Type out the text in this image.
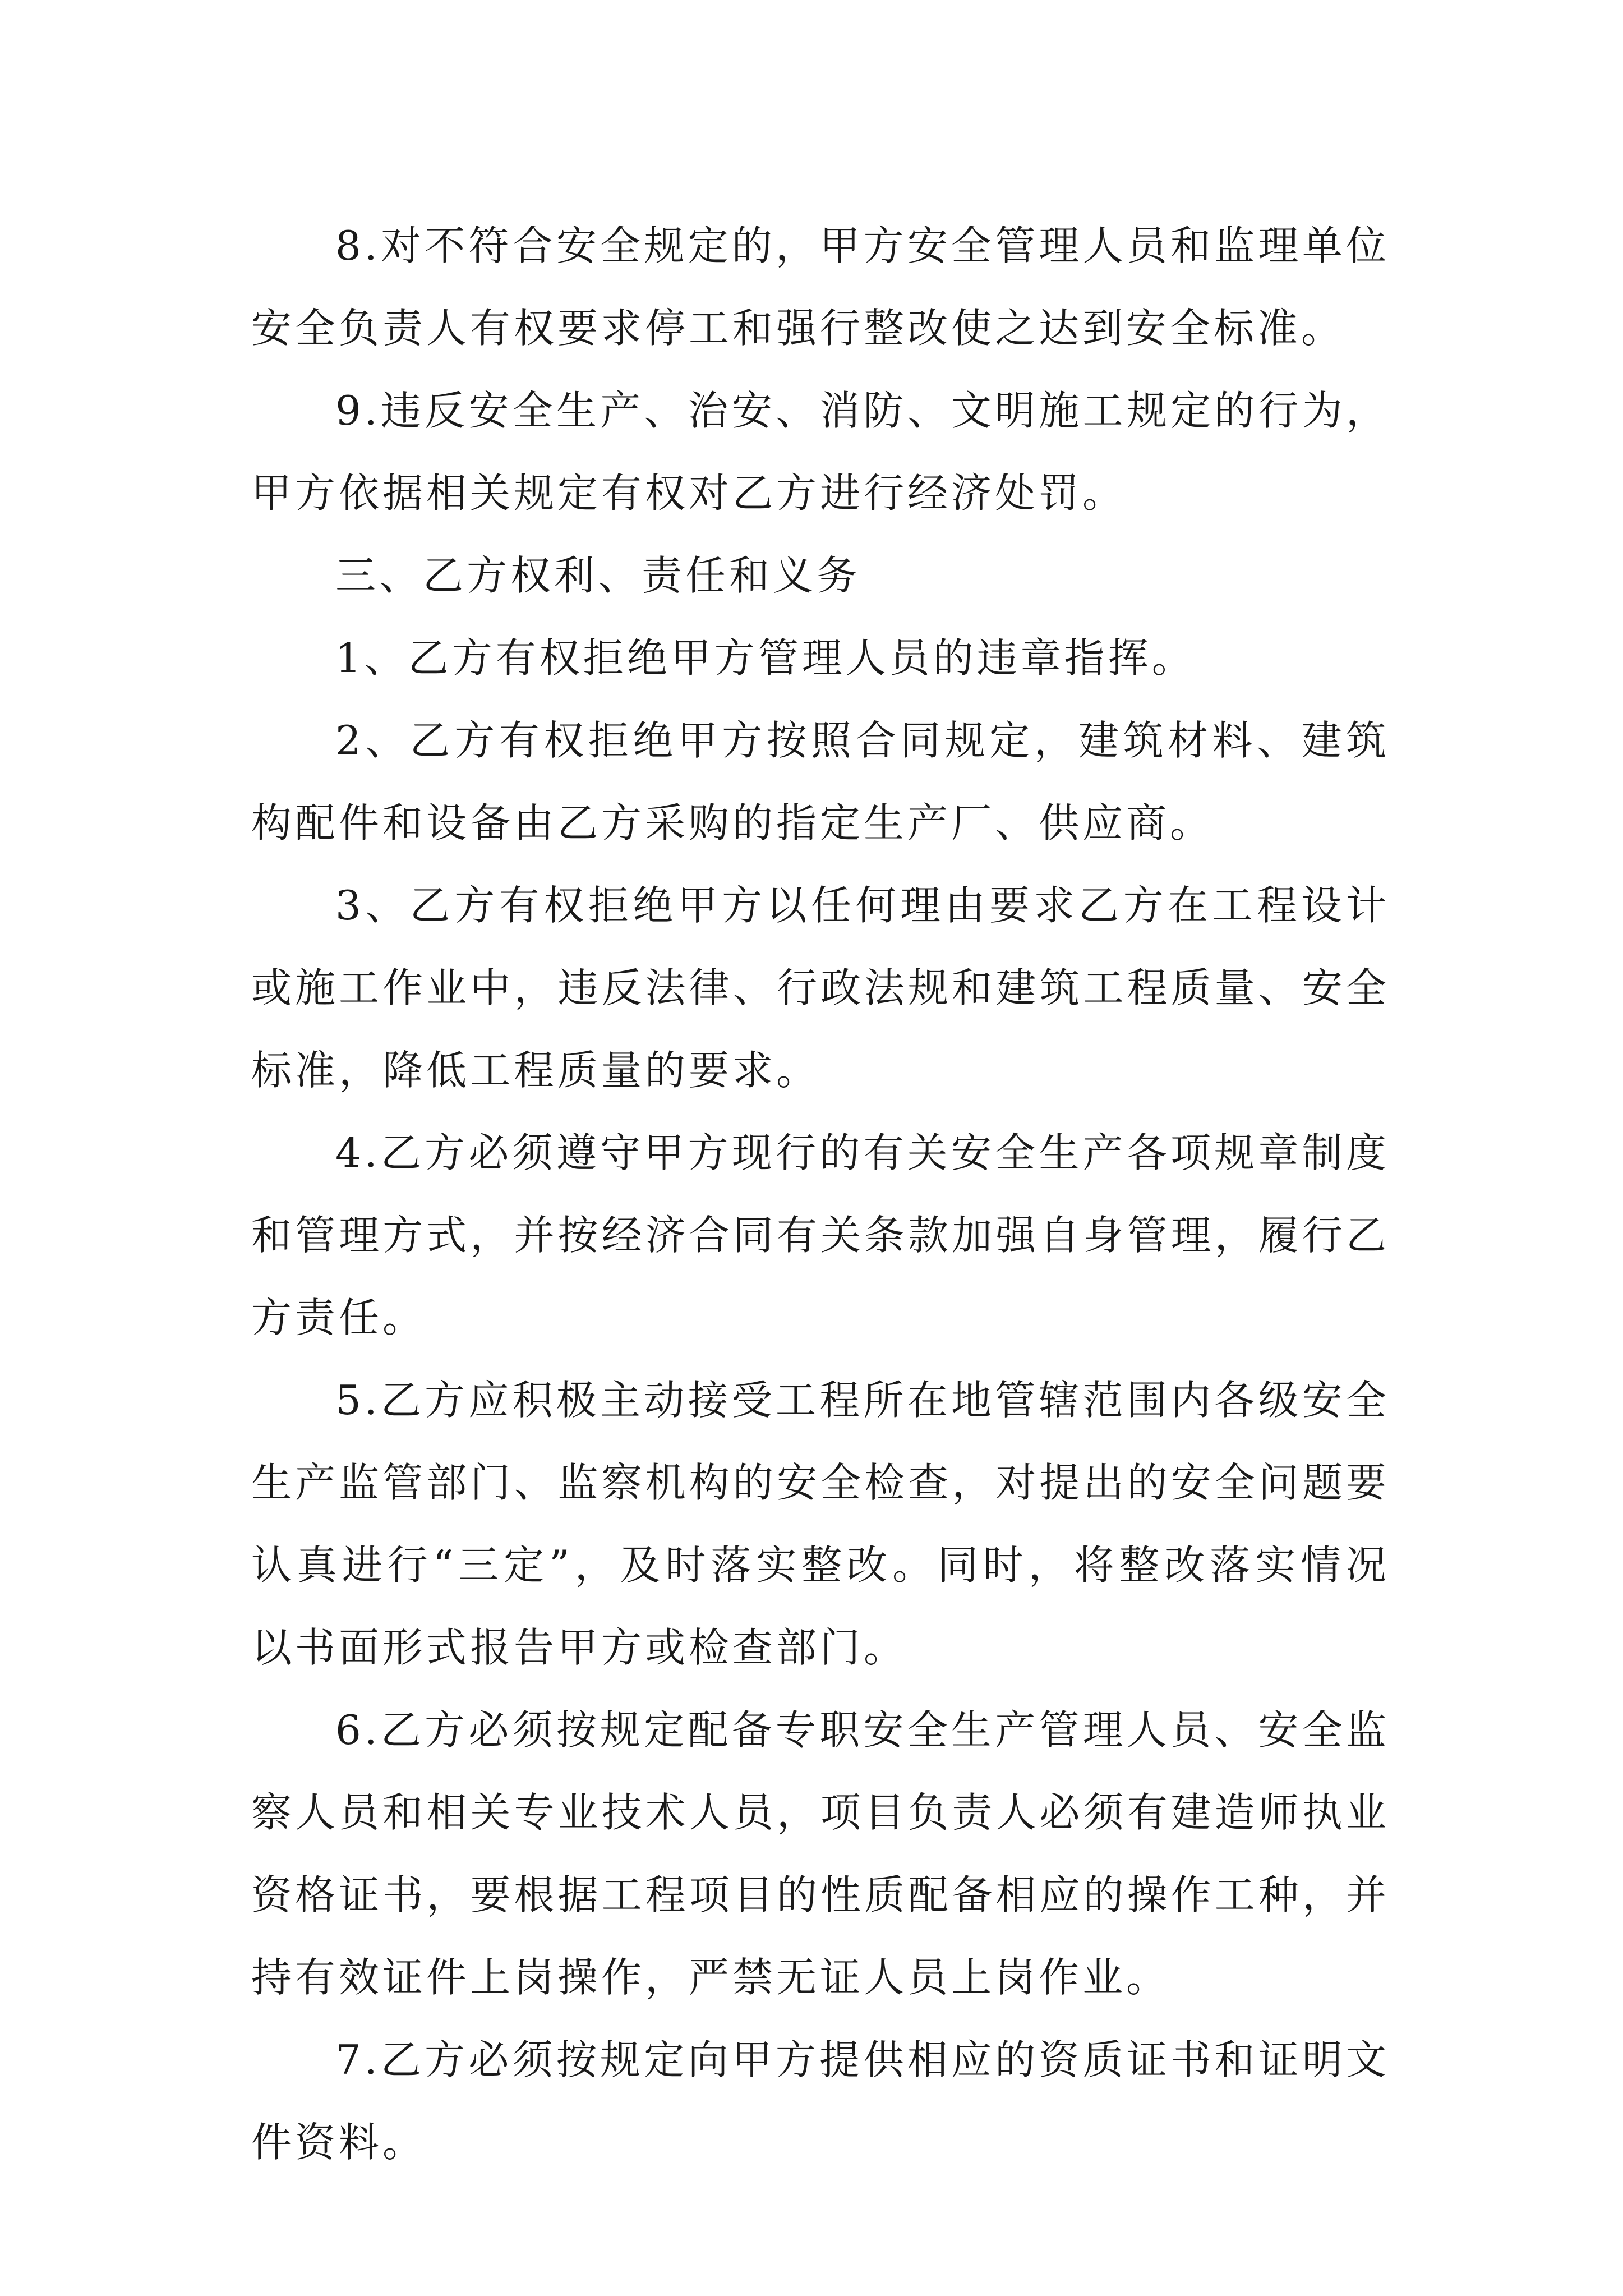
8.对不符合安全规定的，甲方安全管理人员和监理单位安全负责人有权要求停工和强行整改使之达到安全标准。

9.违反安全生产、治安、消防、文明施工规定的行为，甲方依据相关规定有权对乙方进行经济处罚。

三、乙方权利、责任和义务

1、乙方有权拒绝甲方管理人员的违章指挥。

2、乙方有权拒绝甲方按照合同规定，建筑材料、建筑构配件和设备由乙方采购的指定生产厂、供应商。

3、乙方有权拒绝甲方以任何理由要求乙方在工程设计或施工作业中，违反法律、行政法规和建筑工程质量、安全标准，降低工程质量的要求。

4.乙方必须遵守甲方现行的有关安全生产各项规章制度和管理方式，并按经济合同有关条款加强自身管理，履行乙方责任。

5.乙方应积极主动接受工程所在地管辖范围内各级安全生产监管部门、监察机构的安全检查，对提出的安全问题要认真进行“三定”，及时落实整改。同时，将整改落实情况以书面形式报告甲方或检查部门。

6.乙方必须按规定配备专职安全生产管理人员、安全监察人员和相关专业技术人员，项目负责人必须有建造师执业资格证书，要根据工程项目的性质配备相应的操作工种，并持有效证件上岗操作，严禁无证人员上岗作业。

7.乙方必须按规定向甲方提供相应的资质证书和证明文件资料。
